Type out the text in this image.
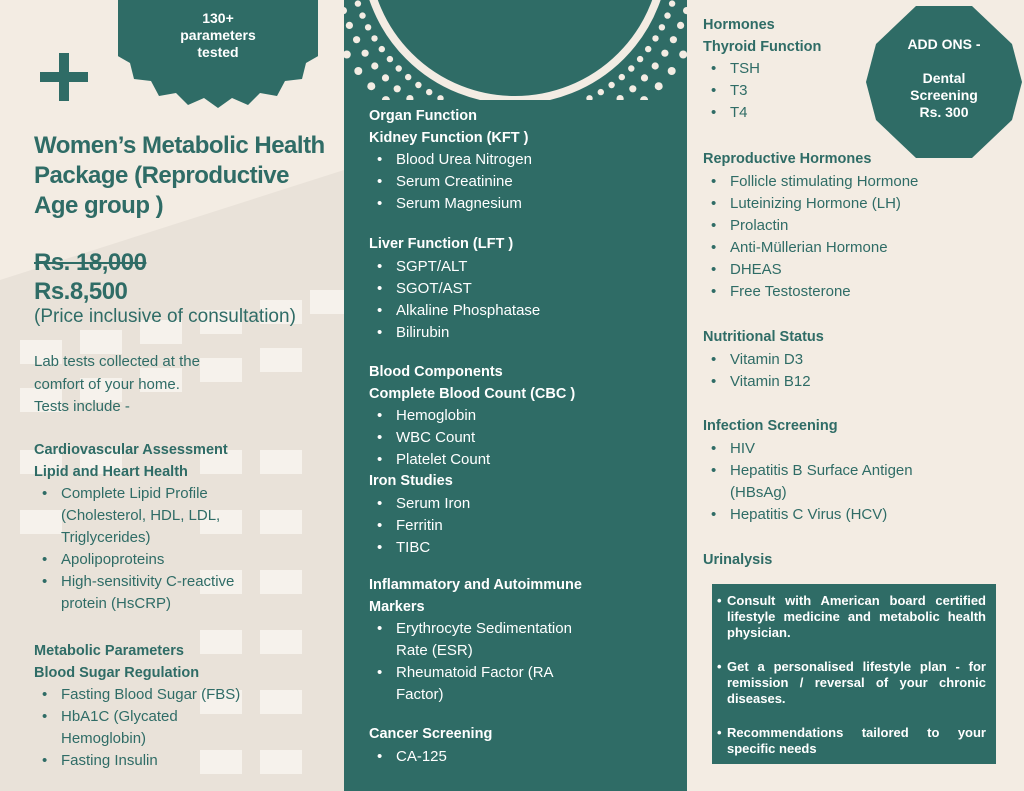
130+
parameters
tested
Women’s Metabolic Health Package (Reproductive Age group )
Rs. 18,000
Rs.8,500
(Price inclusive of consultation)
Lab tests collected at the
comfort of your home.
Tests include -
Cardiovascular Assessment
Lipid and Heart Health
• Complete Lipid Profile (Cholesterol, HDL, LDL, Triglycerides)
• Apolipoproteins
• High-sensitivity C-reactive protein (HsCRP)
Metabolic Parameters
Blood Sugar Regulation
• Fasting Blood Sugar (FBS)
• HbA1C (Glycated Hemoglobin)
• Fasting Insulin
Organ Function
Kidney Function (KFT )
• Blood Urea Nitrogen
• Serum Creatinine
• Serum Magnesium
Liver Function (LFT )
• SGPT/ALT
• SGOT/AST
• Alkaline Phosphatase
• Bilirubin
Blood Components
Complete Blood Count (CBC )
• Hemoglobin
• WBC Count
• Platelet Count
Iron Studies
• Serum Iron
• Ferritin
• TIBC
Inflammatory and Autoimmune Markers
• Erythrocyte Sedimentation Rate (ESR)
• Rheumatoid Factor (RA Factor)
Cancer Screening
• CA-125
ADD ONS -
Dental
Screening
Rs. 300
Hormones
Thyroid Function
• TSH
• T3
• T4
Reproductive Hormones
• Follicle stimulating Hormone
• Luteinizing Hormone (LH)
• Prolactin
• Anti-Müllerian Hormone
• DHEAS
• Free Testosterone
Nutritional Status
• Vitamin D3
• Vitamin B12
Infection Screening
• HIV
• Hepatitis B Surface Antigen (HBsAg)
• Hepatitis C Virus (HCV)
Urinalysis
• Consult with American board certified lifestyle medicine and metabolic health physician.
• Get a personalised lifestyle plan - for remission / reversal of your chronic diseases.
• Recommendations tailored to your specific needs
